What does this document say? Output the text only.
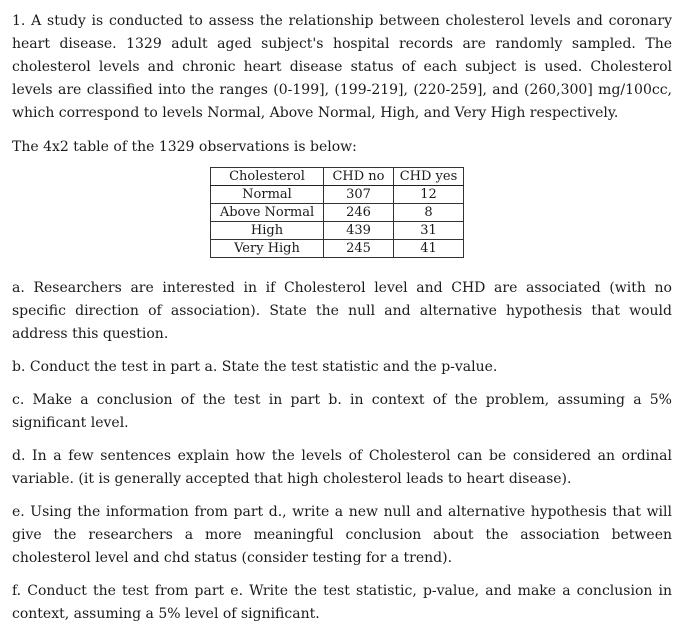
1. A study is conducted to assess the relationship between cholesterol levels and coronary heart disease. 1329 adult aged subject's hospital records are randomly sampled. The cholesterol levels and chronic heart disease status of each subject is used. Cholesterol levels are classified into the ranges (0-199], (199-219], (220-259], and (260,300] mg/100cc, which correspond to levels Normal, Above Normal, High, and Very High respectively.

The 4x2 table of the 1329 observations is below:

Cholesterol	CHD no	CHD yes
Normal	307	12
Above Normal	246	8
High	439	31
Very High	245	41

a. Researchers are interested in if Cholesterol level and CHD are associated (with no specific direction of association). State the null and alternative hypothesis that would address this question.

b. Conduct the test in part a. State the test statistic and the p-value.

c. Make a conclusion of the test in part b. in context of the problem, assuming a 5% significant level.

d. In a few sentences explain how the levels of Cholesterol can be considered an ordinal variable. (it is generally accepted that high cholesterol leads to heart disease).

e. Using the information from part d., write a new null and alternative hypothesis that will give the researchers a more meaningful conclusion about the association between cholesterol level and chd status (consider testing for a trend).

f. Conduct the test from part e. Write the test statistic, p-value, and make a conclusion in context, assuming a 5% level of significant.
